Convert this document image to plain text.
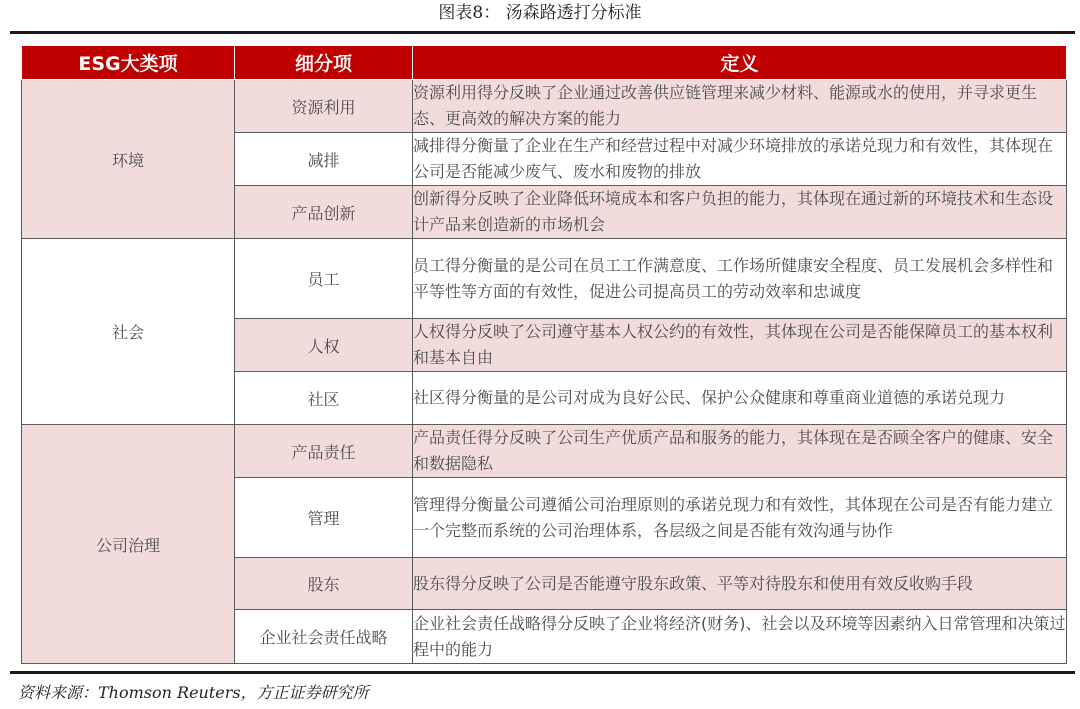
图表8： 汤森路透打分标准
ESG大类项	细分项	定义
环境	资源利用	资源利用得分反映了企业通过改善供应链管理来减少材料、能源或水的使用，并寻求更生态、更高效的解决方案的能力
	减排	减排得分衡量了企业在生产和经营过程中对减少环境排放的承诺兑现力和有效性，其体现在公司是否能减少废气、废水和废物的排放
	产品创新	创新得分反映了企业降低环境成本和客户负担的能力，其体现在通过新的环境技术和生态设计产品来创造新的市场机会
社会	员工	员工得分衡量的是公司在员工工作满意度、工作场所健康安全程度、员工发展机会多样性和平等性等方面的有效性，促进公司提高员工的劳动效率和忠诚度
	人权	人权得分反映了公司遵守基本人权公约的有效性，其体现在公司是否能保障员工的基本权利和基本自由
	社区	社区得分衡量的是公司对成为良好公民、保护公众健康和尊重商业道德的承诺兑现力
公司治理	产品责任	产品责任得分反映了公司生产优质产品和服务的能力，其体现在是否顾全客户的健康、安全和数据隐私
	管理	管理得分衡量公司遵循公司治理原则的承诺兑现力和有效性，其体现在公司是否有能力建立一个完整而系统的公司治理体系，各层级之间是否能有效沟通与协作
	股东	股东得分反映了公司是否能遵守股东政策、平等对待股东和使用有效反收购手段
	企业社会责任战略	企业社会责任战略得分反映了企业将经济(财务)、社会以及环境等因素纳入日常管理和决策过程中的能力
资料来源：Thomson Reuters，方正证券研究所
